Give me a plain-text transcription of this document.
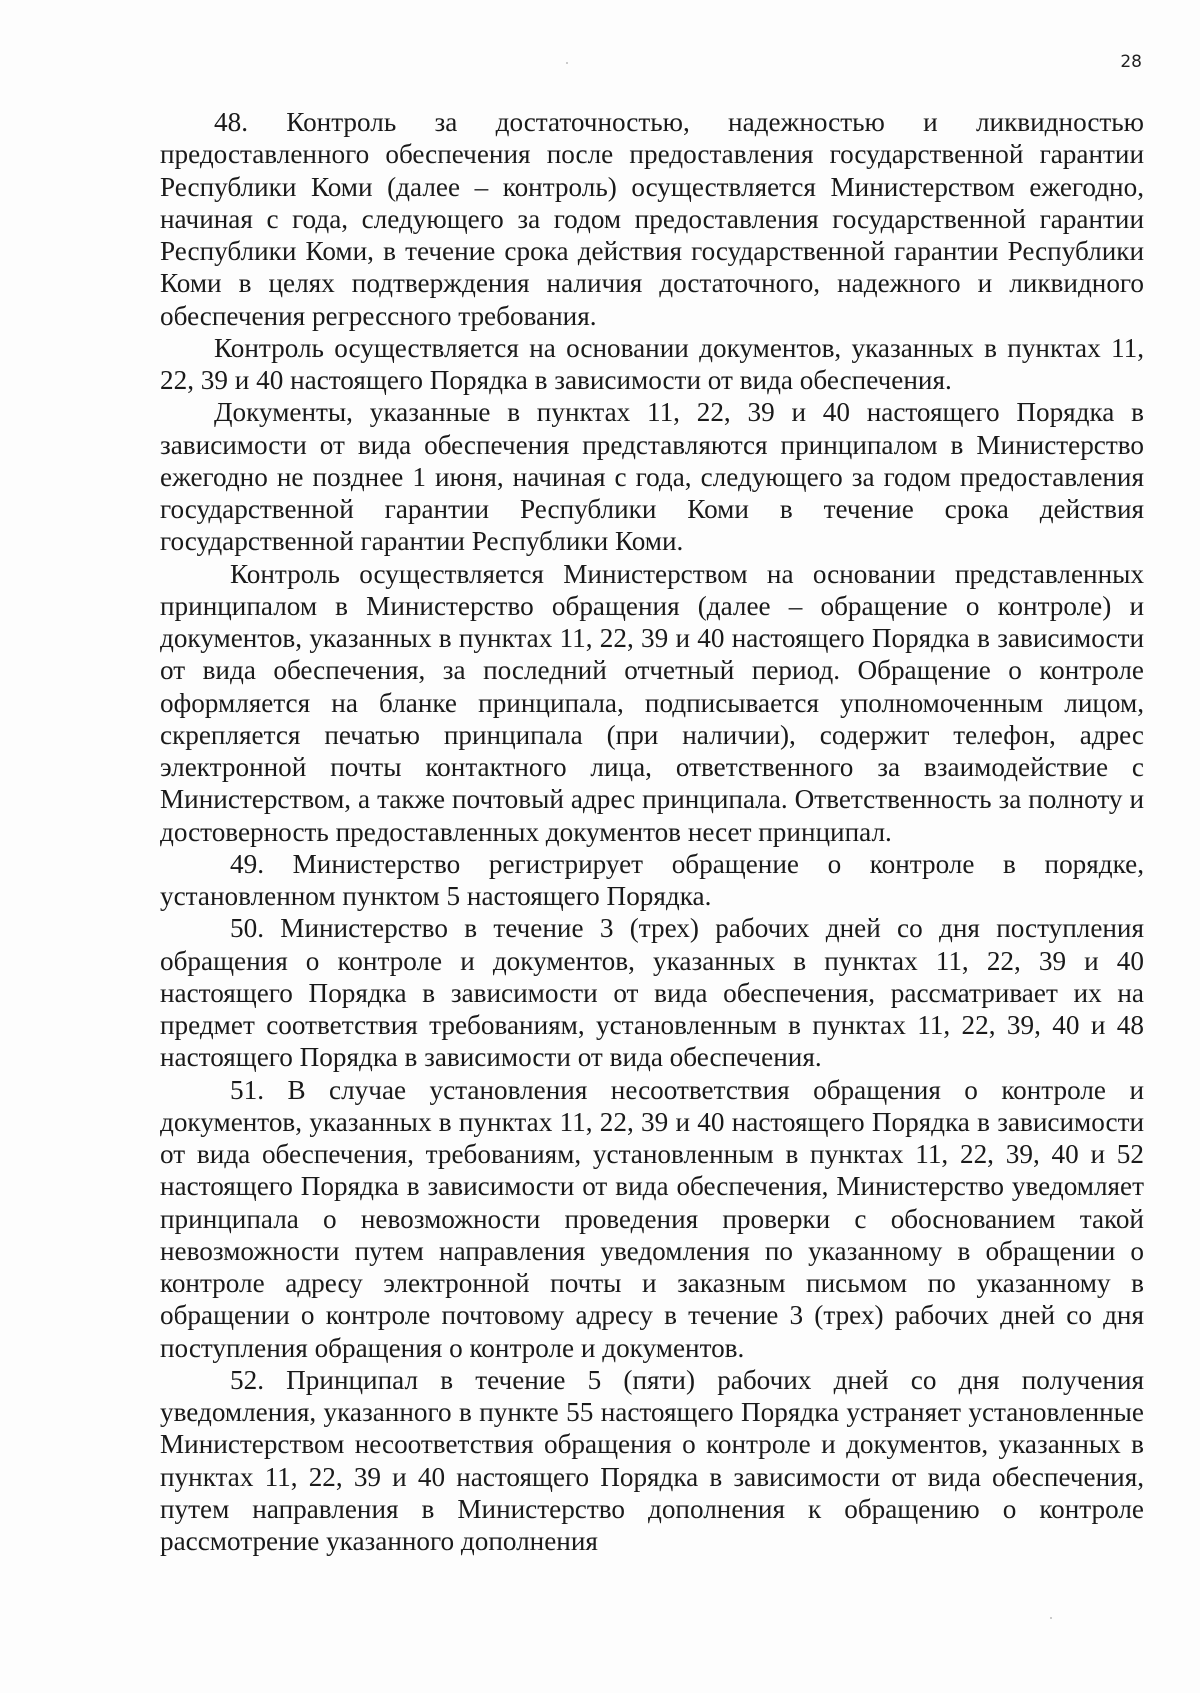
28

48. Контроль за достаточностью, надежностью и ликвидностью предоставленного обеспечения после предоставления государственной гарантии Республики Коми (далее – контроль) осуществляется Министерством ежегодно, начиная с года, следующего за годом предоставления государственной гарантии Республики Коми, в течение срока действия государственной гарантии Республики Коми в целях подтверждения наличия достаточного, надежного и ликвидного обеспечения регрессного требования.

Контроль осуществляется на основании документов, указанных в пунктах 11, 22, 39 и 40 настоящего Порядка в зависимости от вида обеспечения.

Документы, указанные в пунктах 11, 22, 39 и 40 настоящего Порядка в зависимости от вида обеспечения представляются принципалом в Министерство ежегодно не позднее 1 июня, начиная с года, следующего за годом предоставления государственной гарантии Республики Коми в течение срока действия государственной гарантии Республики Коми.

Контроль осуществляется Министерством на основании представленных принципалом в Министерство обращения (далее – обращение о контроле) и документов, указанных в пунктах 11, 22, 39 и 40 настоящего Порядка в зависимости от вида обеспечения, за последний отчетный период. Обращение о контроле оформляется на бланке принципала, подписывается уполномоченным лицом, скрепляется печатью принципала (при наличии), содержит телефон, адрес электронной почты контактного лица, ответственного за взаимодействие с Министерством, а также почтовый адрес принципала. Ответственность за полноту и достоверность предоставленных документов несет принципал.

49. Министерство регистрирует обращение о контроле в порядке, установленном пунктом 5 настоящего Порядка.

50. Министерство в течение 3 (трех) рабочих дней со дня поступления обращения о контроле и документов, указанных в пунктах 11, 22, 39 и 40 настоящего Порядка в зависимости от вида обеспечения, рассматривает их на предмет соответствия требованиям, установленным в пунктах 11, 22, 39, 40 и 48 настоящего Порядка в зависимости от вида обеспечения.

51. В случае установления несоответствия обращения о контроле и документов, указанных в пунктах 11, 22, 39 и 40 настоящего Порядка в зависимости от вида обеспечения, требованиям, установленным в пунктах 11, 22, 39, 40 и 52 настоящего Порядка в зависимости от вида обеспечения, Министерство уведомляет принципала о невозможности проведения проверки с обоснованием такой невозможности путем направления уведомления по указанному в обращении о контроле адресу электронной почты и заказным письмом по указанному в обращении о контроле почтовому адресу в течение 3 (трех) рабочих дней со дня поступления обращения о контроле и документов.

52. Принципал в течение 5 (пяти) рабочих дней со дня получения уведомления, указанного в пункте 55 настоящего Порядка устраняет установленные Министерством несоответствия обращения о контроле и документов, указанных в пунктах 11, 22, 39 и 40 настоящего Порядка в зависимости от вида обеспечения, путем направления в Министерство дополнения к обращению о контроле рассмотрение указанного дополнения
